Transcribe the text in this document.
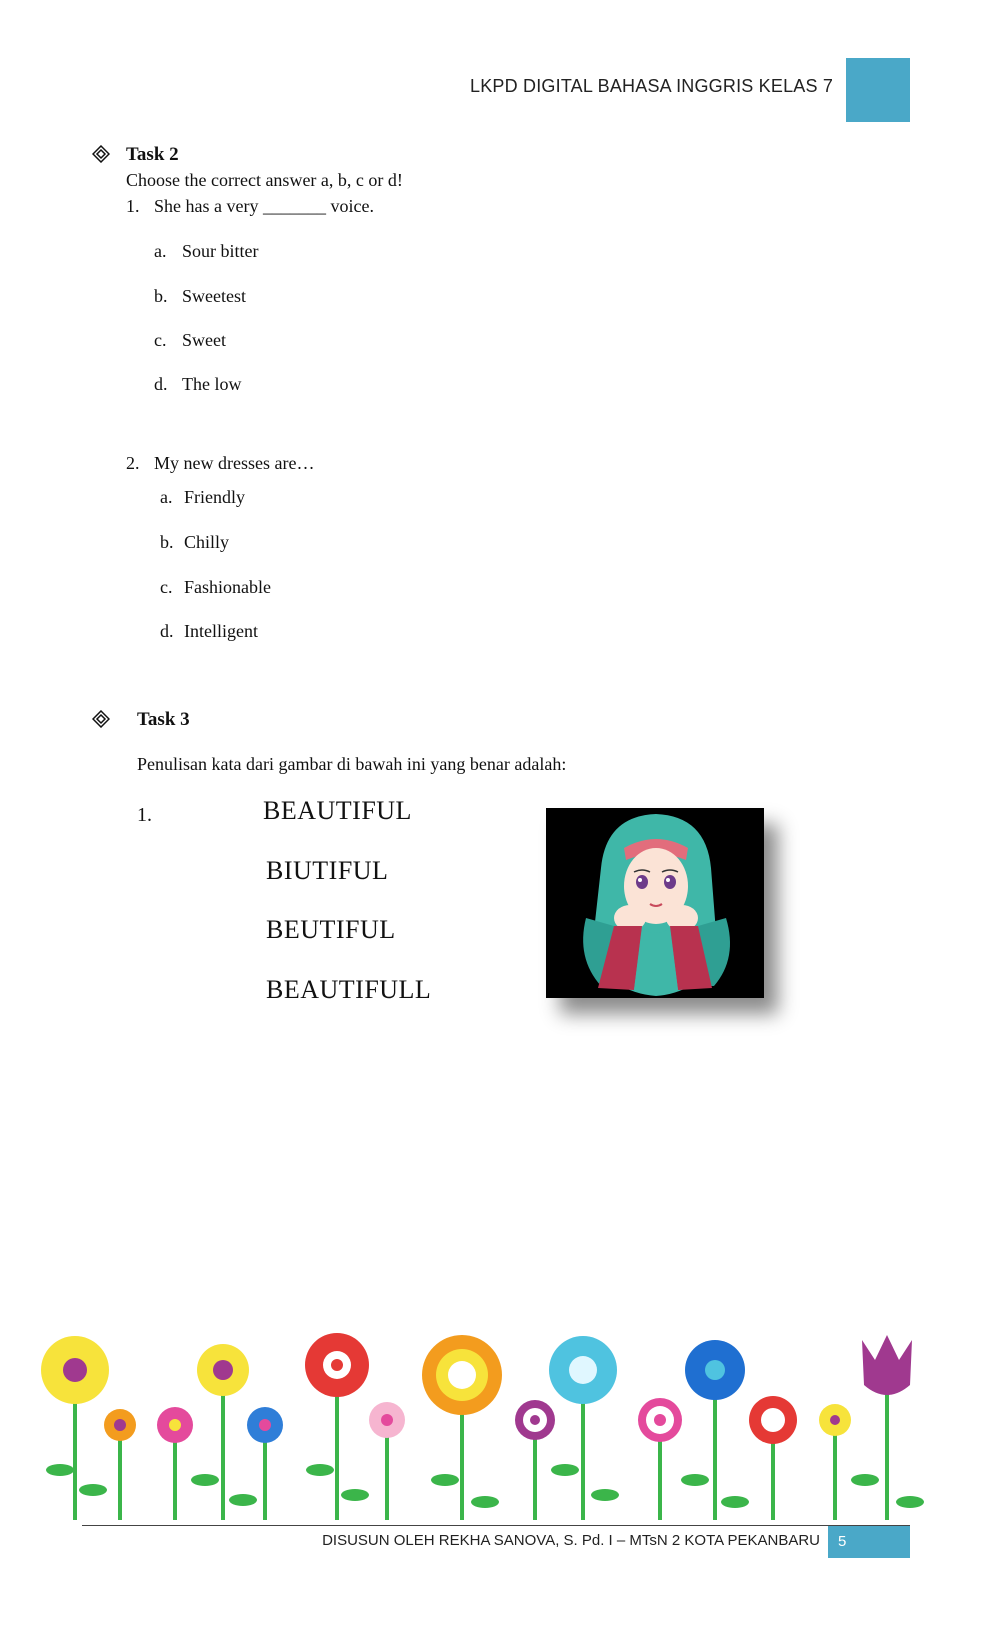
LKPD DIGITAL BAHASA INGGRIS KELAS 7
Task 2
Choose the correct answer a, b, c or d!
1. She has a very _______ voice.
a. Sour bitter
b. Sweetest
c. Sweet
d. The low
2. My new dresses are…
a. Friendly
b. Chilly
c. Fashionable
d. Intelligent
Task 3
Penulisan kata dari gambar di bawah ini yang benar adalah:
1.	BEAUTIFUL
BIUTIFUL
BEUTIFUL
BEAUTIFULL
DISUSUN OLEH REKHA SANOVA, S. Pd. I – MTsN 2 KOTA PEKANBARU	5
